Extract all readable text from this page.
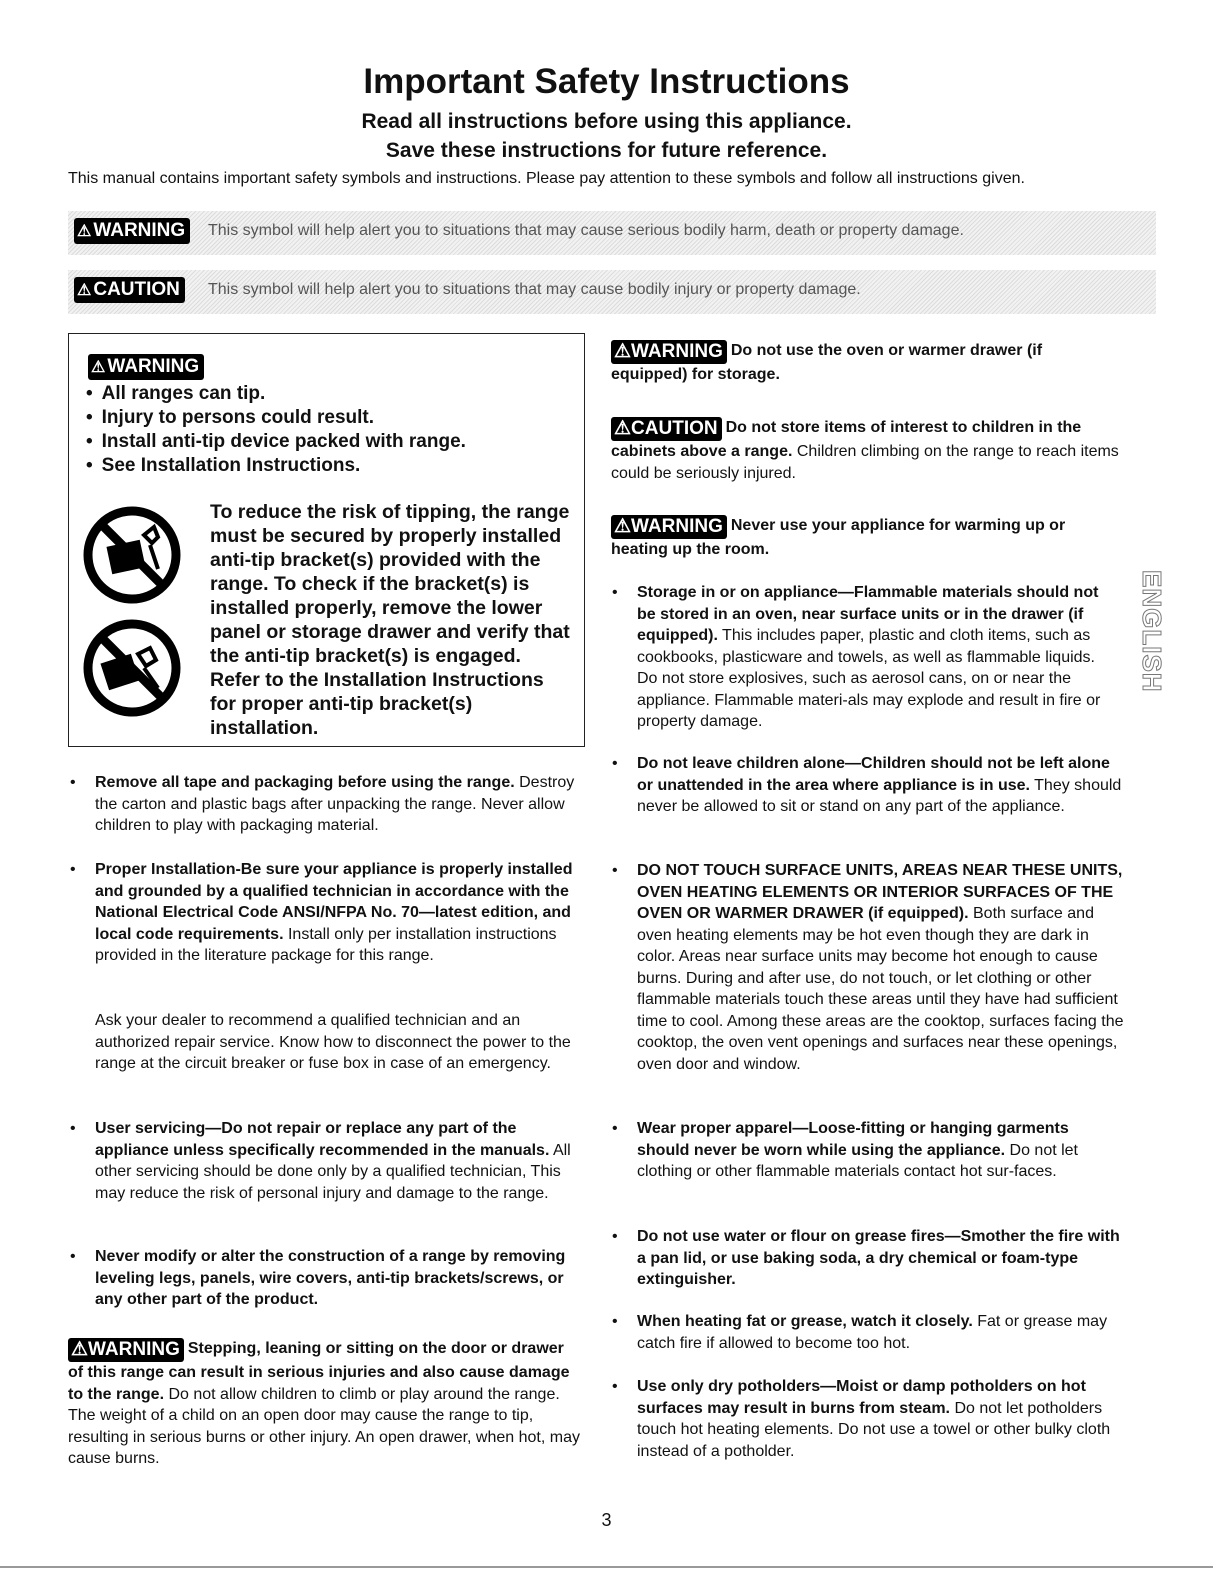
Important Safety Instructions
Read all instructions before using this appliance.
Save these instructions for future reference.
This manual contains important safety symbols and instructions. Please pay attention to these symbols and follow all instructions given.
⚠ WARNING	This symbol will help alert you to situations that may cause serious bodily harm, death or property damage.
⚠ CAUTION	This symbol will help alert you to situations that may cause bodily injury or property damage.
⚠ WARNING
• All ranges can tip.
• Injury to persons could result.
• Install anti-tip device packed with range.
• See Installation Instructions.
To reduce the risk of tipping, the range must be secured by properly installed anti-tip bracket(s) provided with the range. To check if the bracket(s) is installed properly, remove the lower panel or storage drawer and verify that the anti-tip bracket(s) is engaged. Refer to the Installation Instructions for proper anti-tip bracket(s) installation.
• Remove all tape and packaging before using the range. Destroy the carton and plastic bags after unpacking the range. Never allow children to play with packaging material.
• Proper Installation-Be sure your appliance is properly installed and grounded by a qualified technician in accordance with the National Electrical Code ANSI/NFPA No. 70—latest edition, and local code requirements. Install only per installation instructions provided in the literature package for this range.
Ask your dealer to recommend a qualified technician and an authorized repair service. Know how to disconnect the power to the range at the circuit breaker or fuse box in case of an emergency.
• User servicing—Do not repair or replace any part of the appliance unless specifically recommended in the manuals. All other servicing should be done only by a qualified technician, This may reduce the risk of personal injury and damage to the range.
• Never modify or alter the construction of a range by removing leveling legs, panels, wire covers, anti-tip brackets/screws, or any other part of the product.
⚠WARNING Stepping, leaning or sitting on the door or drawer of this range can result in serious injuries and also cause damage to the range. Do not allow children to climb or play around the range. The weight of a child on an open door may cause the range to tip, resulting in serious burns or other injury. An open drawer, when hot, may cause burns.
⚠WARNING Do not use the oven or warmer drawer (if equipped) for storage.
⚠CAUTION Do not store items of interest to children in the cabinets above a range. Children climbing on the range to reach items could be seriously injured.
⚠WARNING Never use your appliance for warming up or heating up the room.
• Storage in or on appliance—Flammable materials should not be stored in an oven, near surface units or in the drawer (if equipped). This includes paper, plastic and cloth items, such as cookbooks, plasticware and towels, as well as flammable liquids. Do not store explosives, such as aerosol cans, on or near the appliance. Flammable materi-als may explode and result in fire or property damage.
• Do not leave children alone—Children should not be left alone or unattended in the area where appliance is in use. They should never be allowed to sit or stand on any part of the appliance.
• DO NOT TOUCH SURFACE UNITS, AREAS NEAR THESE UNITS, OVEN HEATING ELEMENTS OR INTERIOR SURFACES OF THE OVEN OR WARMER DRAWER (if equipped). Both surface and oven heating elements may be hot even though they are dark in color. Areas near surface units may become hot enough to cause burns. During and after use, do not touch, or let clothing or other flammable materials touch these areas until they have had sufficient time to cool. Among these areas are the cooktop, surfaces facing the cooktop, the oven vent openings and surfaces near these openings, oven door and window.
• Wear proper apparel—Loose-fitting or hanging garments should never be worn while using the appliance. Do not let clothing or other flammable materials contact hot sur-faces.
• Do not use water or flour on grease fires—Smother the fire with a pan lid, or use baking soda, a dry chemical or foam-type extinguisher.
• When heating fat or grease, watch it closely. Fat or grease may catch fire if allowed to become too hot.
• Use only dry potholders—Moist or damp potholders on hot surfaces may result in burns from steam. Do not let potholders touch hot heating elements. Do not use a towel or other bulky cloth instead of a potholder.
ENGLISH
3
